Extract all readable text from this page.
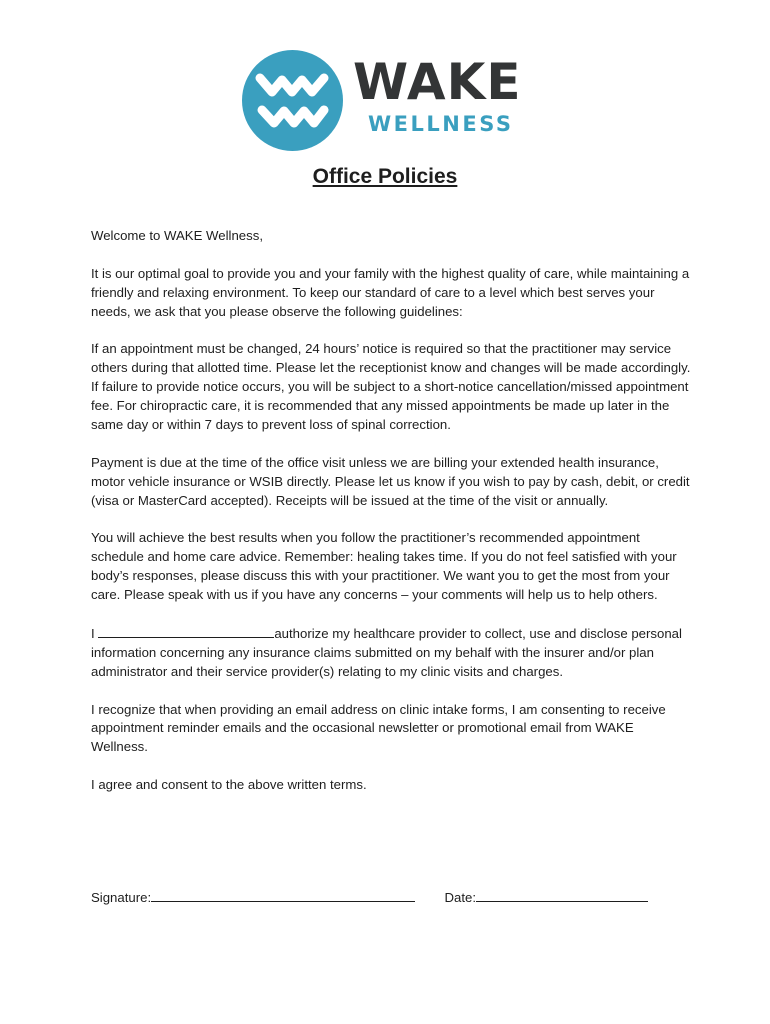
WAKE
WELLNESS
Office Policies

Welcome to WAKE Wellness,

It is our optimal goal to provide you and your family with the highest quality of care, while maintaining a friendly and relaxing environment. To keep our standard of care to a level which best serves your needs, we ask that you please observe the following guidelines:

If an appointment must be changed, 24 hours’ notice is required so that the practitioner may service others during that allotted time. Please let the receptionist know and changes will be made accordingly. If failure to provide notice occurs, you will be subject to a short-notice cancellation/missed appointment fee. For chiropractic care, it is recommended that any missed appointments be made up later in the same day or within 7 days to prevent loss of spinal correction.

Payment is due at the time of the office visit unless we are billing your extended health insurance, motor vehicle insurance or WSIB directly. Please let us know if you wish to pay by cash, debit, or credit (visa or MasterCard accepted). Receipts will be issued at the time of the visit or annually.

You will achieve the best results when you follow the practitioner’s recommended appointment schedule and home care advice. Remember: healing takes time. If you do not feel satisfied with your body’s responses, please discuss this with your practitioner. We want you to get the most from your care. Please speak with us if you have any concerns – your comments will help us to help others.

I	authorize my healthcare provider to collect, use and disclose personal information concerning any insurance claims submitted on my behalf with the insurer and/or plan administrator and their service provider(s) relating to my clinic visits and charges.

I recognize that when providing an email address on clinic intake forms, I am consenting to receive appointment reminder emails and the occasional newsletter or promotional email from WAKE Wellness.

I agree and consent to the above written terms.

Signature:	Date:
